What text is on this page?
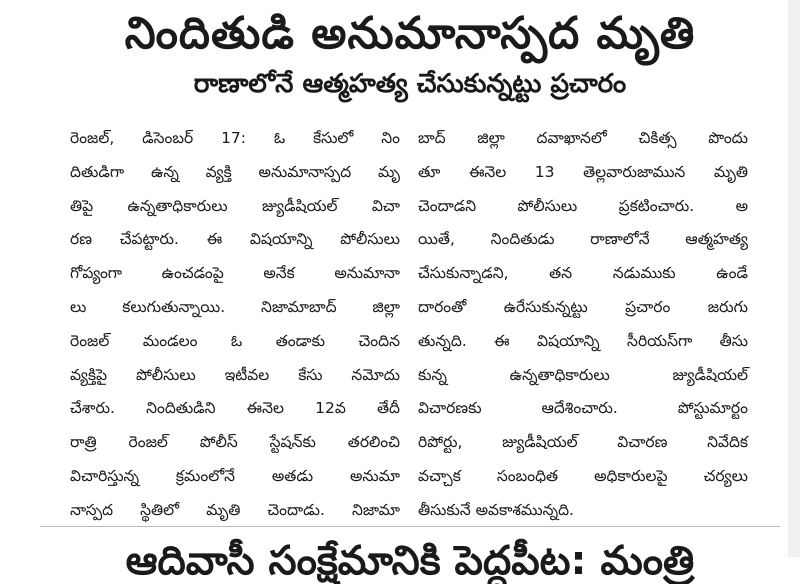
నిందితుడి అనుమానాస్పద మృతి
రాణాలోనే ఆత్మహత్య చేసుకున్నట్టు ప్రచారం

రెంజల్, డిసెంబర్ 17: ఓ కేసులో నిం
దితుడిగా ఉన్న వ్యక్తి అనుమానాస్పద మృ
తిపై ఉన్నతాధికారులు జ్యుడీషియల్ విచా
రణ చేపట్టారు. ఈ విషయాన్ని పోలీసులు
గోప్యంగా ఉంచడంపై అనేక అనుమానా
లు కలుగుతున్నాయి. నిజామాబాద్ జిల్లా
రెంజల్ మండలం ఓ తండాకు చెందిన
వ్యక్తిపై పోలీసులు ఇటీవల కేసు నమోదు
చేశారు. నిందితుడిని ఈనెల 12వ తేదీ
రాత్రి రెంజల్ పోలీస్ స్టేషన్‌కు తరలించి
విచారిస్తున్న క్రమంలోనే అతడు అనుమా
నాస్పద స్థితిలో మృతి చెందాడు. నిజామా

బాద్ జిల్లా దవాఖానలో చికిత్స పొందు
తూ ఈనెల 13 తెల్లవారుజామున మృతి
చెందాడని పోలీసులు ప్రకటించారు. అ
యితే, నిందితుడు రాణాలోనే ఆత్మహత్య
చేసుకున్నాడని, తన నడుముకు ఉండే
దారంతో ఉరేసుకున్నట్టు ప్రచారం జరుగు
తున్నది. ఈ విషయాన్ని సీరియస్‌గా తీసు
కున్న ఉన్నతాధికారులు జ్యుడీషియల్
విచారణకు ఆదేశించారు. పోస్టుమార్టం
రిపోర్టు, జ్యుడీషియల్ విచారణ నివేదిక
వచ్చాక సంబంధిత అధికారులపై చర్యలు
తీసుకునే అవకాశమున్నది.

ఆదివాసీ సంక్షేమానికి పెద్దపీట: మంత్రి
